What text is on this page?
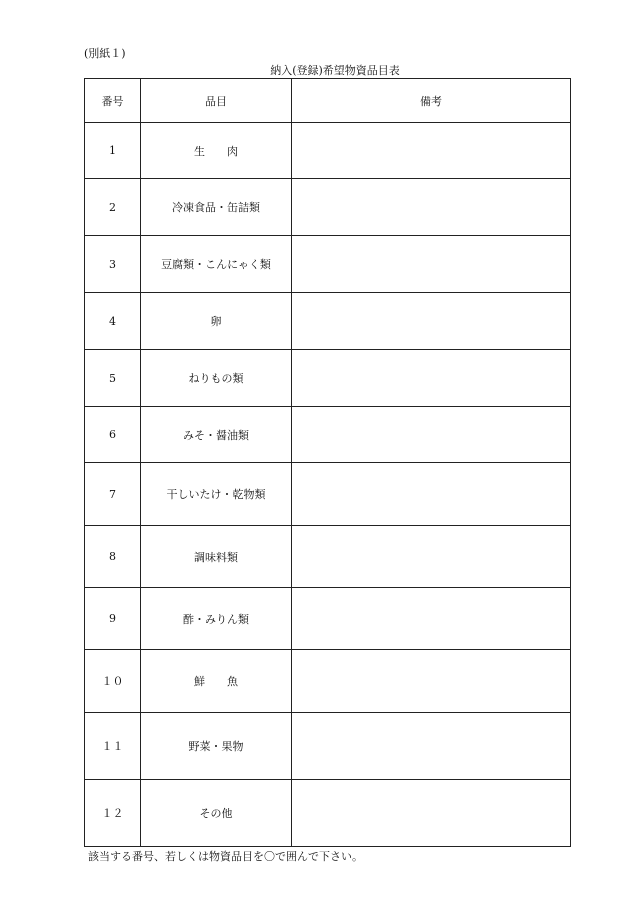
(別紙１)
納入(登録)希望物資品目表
番号	品目	備考
1	生　　肉	
2	冷凍食品・缶詰類	
3	豆腐類・こんにゃく類	
4	卵	
5	ねりもの類	
6	みそ・醤油類	
7	干しいたけ・乾物類	
8	調味料類	
9	酢・みりん類	
１０	鮮　　魚	
１１	野菜・果物	
１２	その他	
該当する番号、若しくは物資品目を〇で囲んで下さい。
